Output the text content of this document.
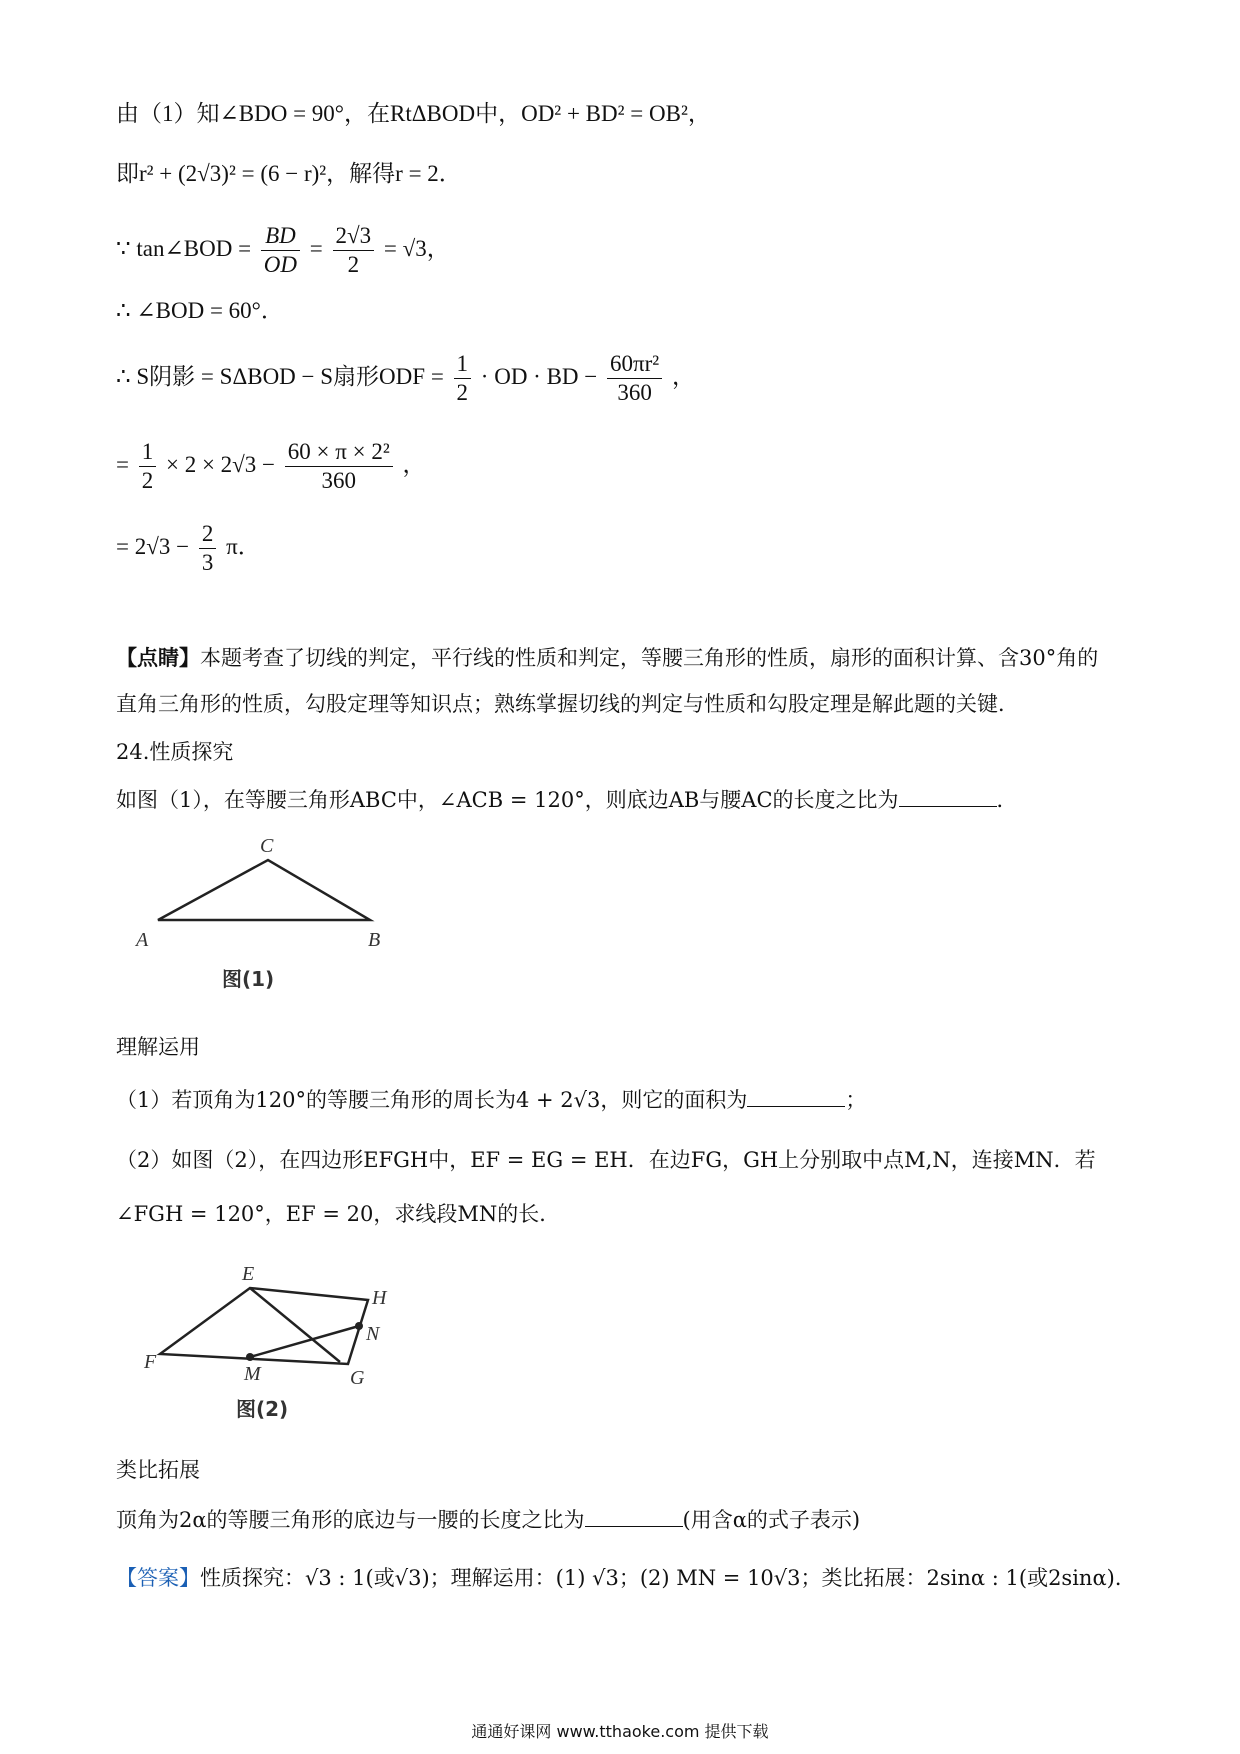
由（1）知∠BDO = 90°，在RtΔBOD中，OD² + BD² = OB²，
即r² + (2√3)² = (6 − r)²，解得r = 2．
∵ tan∠BOD = $\frac{BD}{OD} = \frac{2√3}{2} = √3$，
∴ ∠BOD = 60°．
∴ S阴影 = SΔBOD − S扇形ODF = $\frac{1}{2}$ · OD · BD − $\frac{\text{60πr²}}{360}$ ，
= $\frac{1}{2} \times 2 \times 2√3 - \frac{\text{60 × π × 2²}}{360}$ ，
= $2√3 - \frac{2}{3}$ π．
【点睛】本题考查了切线的判定，平行线的性质和判定，等腰三角形的性质，扇形的面积计算、含30°角的
直角三角形的性质，勾股定理等知识点；熟练掌握切线的判定与性质和勾股定理是解此题的关键．
24.性质探究
如图（1），在等腰三角形ABC中，∠ACB = 120°，则底边AB与腰AC的长度之比为	．
C
A	B
图(1)
理解运用
（1）若顶角为120°的等腰三角形的周长为4 + 2√3，则它的面积为	；
（2）如图（2），在四边形EFGH中，EF = EG = EH．在边FG，GH上分别取中点M,N，连接MN．若
∠FGH = 120°，EF = 20，求线段MN的长．
E
H
N
F
M	G
图(2)
类比拓展
顶角为2α的等腰三角形的底边与一腰的长度之比为	(用含α的式子表示)
【答案】性质探究：√3 : 1(或√3)；理解运用：(1) √3；(2) MN = 10√3；类比拓展：2sinα : 1(或2sinα)．
通通好课网 www.tthaoke.com 提供下载
